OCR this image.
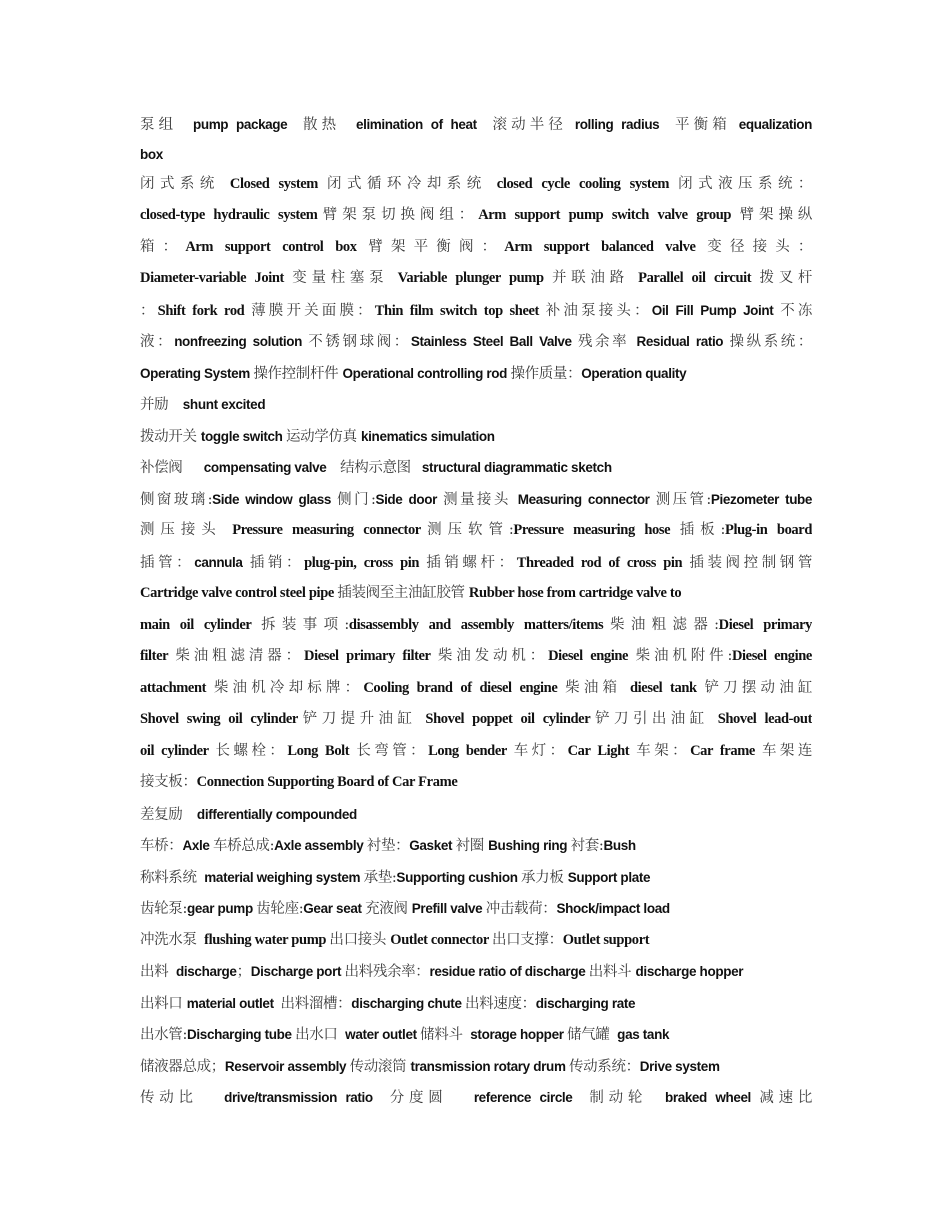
泵组  pump package  散热  elimination of heat  滚动半径 rolling radius  平衡箱 equalization
box
闭式系统 Closed system 闭式循环冷却系统 closed cycle cooling system 闭式液压系统：
closed-type hydraulic system臂架泵切换阀组：Arm support pump switch valve group 臂架操纵
箱：Arm support control box 臂架平衡阀：Arm support balanced valve 变径接头：
Diameter-variable Joint 变量柱塞泵 Variable plunger pump 并联油路 Parallel oil circuit 拨叉杆
：Shift fork rod 薄膜开关面膜：Thin film switch top sheet 补油泵接头：Oil Fill Pump Joint 不冻
液：nonfreezing solution 不锈钢球阀：Stainless Steel Ball Valve 残余率 Residual ratio 操纵系统：
Operating System 操作控制杆件 Operational controlling rod 操作质量：Operation quality
并励    shunt excited
拨动开关 toggle switch 运动学仿真 kinematics simulation
补偿阀      compensating valve    结构示意图   structural diagrammatic sketch
侧窗玻璃:Side window glass 侧门:Side door 测量接头 Measuring connector 测压管:Piezometer tube
测压接头 Pressure measuring connector测压软管:Pressure measuring hose 插板:Plug-in board
插管：cannula 插销：plug-pin, cross pin 插销螺杆：Threaded rod of cross pin 插装阀控制钢管
Cartridge valve control steel pipe 插装阀至主油缸胶管 Rubber hose from cartridge valve to
main oil cylinder 拆装事项:disassembly and assembly matters/items柴油粗滤器:Diesel primary
filter 柴油粗滤清器：Diesel primary filter 柴油发动机：Diesel engine 柴油机附件:Diesel engine
attachment 柴油机冷却标牌：Cooling brand of diesel engine 柴油箱 diesel tank 铲刀摆动油缸
Shovel swing oil cylinder铲刀提升油缸 Shovel poppet oil cylinder铲刀引出油缸 Shovel lead-out
oil cylinder 长螺栓：Long Bolt 长弯管：Long bender 车灯：Car Light 车架：Car frame 车架连
接支板：Connection Supporting Board of Car Frame
差复励    differentially compounded
车桥：Axle 车桥总成:Axle assembly 衬垫：Gasket 衬圈 Bushing ring 衬套:Bush
称料系统  material weighing system 承垫:Supporting cushion 承力板 Support plate
齿轮泵:gear pump 齿轮座:Gear seat 充液阀 Prefill valve 冲击载荷：Shock/impact load
冲洗水泵  flushing water pump 出口接头 Outlet connector 出口支撑：Outlet support
出料  discharge；Discharge port 出料残余率：residue ratio of discharge 出料斗 discharge hopper
出料口 material outlet  出料溜槽：discharging chute 出料速度：discharging rate
出水管:Discharging tube 出水口  water outlet 储料斗  storage hopper 储气罐  gas tank
储液器总成；Reservoir assembly 传动滚筒 transmission rotary drum 传动系统：Drive system
传动比   drive/transmission ratio  分度圆   reference circle  制动轮  braked wheel 减速比
